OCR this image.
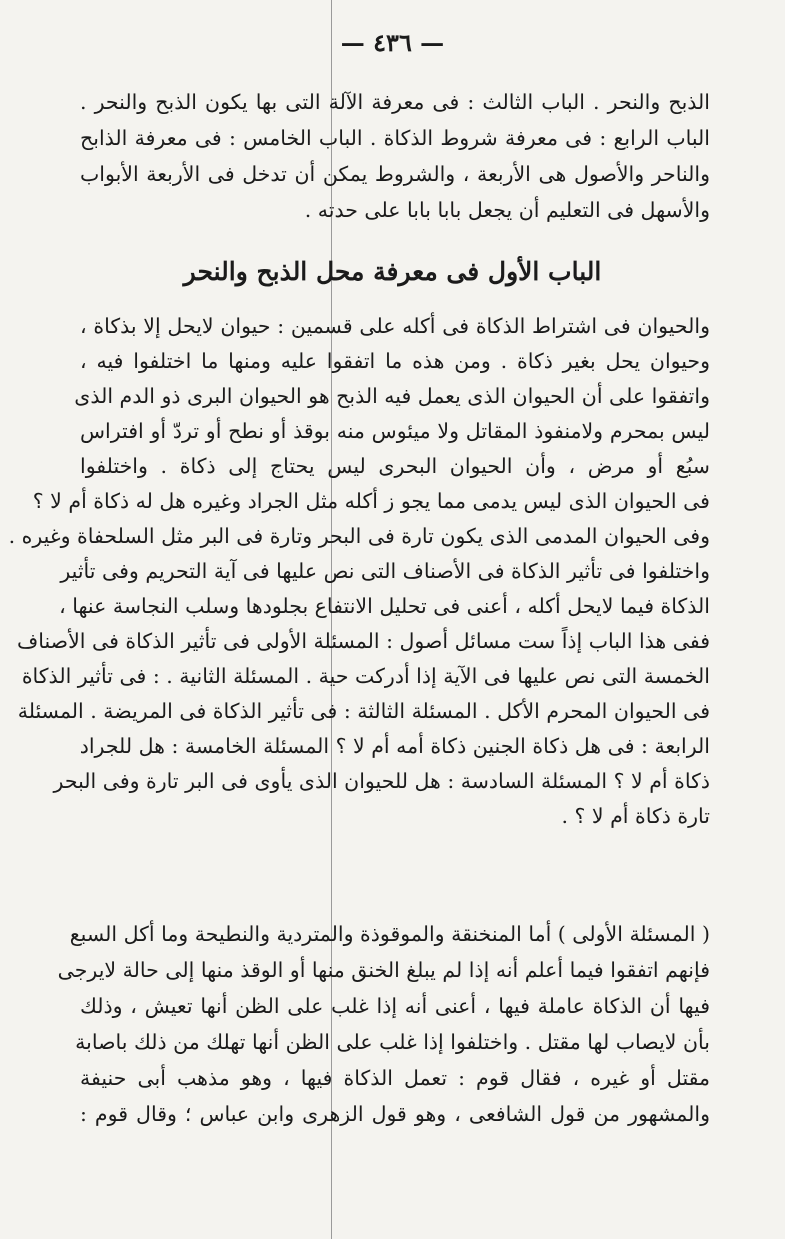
— ٤٣٦ —
الذبح والنحر . الباب الثالث : فى معرفة الآلة التى بها يكون الذبح والنحر .
الباب الرابع : فى معرفة شروط الذكاة . الباب الخامس : فى معرفة الذابح
والناحر والأصول هى الأربعة ، والشروط يمكن أن تدخل فى الأربعة الأبواب
والأسهل فى التعليم أن يجعل بابا بابا على حدته .
الباب الأول فى معرفة محل الذبح والنحر
والحيوان فى اشتراط الذكاة فى أكله على قسمين : حيوان لايحل إلا بذكاة ،
وحيوان يحل بغير ذكاة . ومن هذه ما اتفقوا عليه ومنها ما اختلفوا فيه ،
واتفقوا على أن الحيوان الذى يعمل فيه الذبح هو الحيوان البرى ذو الدم الذى
ليس بمحرم ولامنفوذ المقاتل ولا ميئوس منه بوقذ أو نطح أو تردّ أو افتراس
سبُع أو مرض ، وأن الحيوان البحرى ليس يحتاج إلى ذكاة . واختلفوا
فى الحيوان الذى ليس يدمى مما يجو ز أكله مثل الجراد وغيره هل له ذكاة أم لا ؟
وفى الحيوان المدمى الذى يكون تارة فى البحر وتارة فى البر مثل السلحفاة وغيره .
واختلفوا فى تأثير الذكاة فى الأصناف التى نص عليها فى آية التحريم وفى تأثير
الذكاة فيما لايحل أكله ، أعنى فى تحليل الانتفاع بجلودها وسلب النجاسة عنها ،
ففى هذا الباب إذاً ست مسائل أصول : المسئلة الأولى فى تأثير الذكاة فى الأصناف
الخمسة التى نص عليها فى الآية إذا أدركت حية . المسئلة الثانية . : فى تأثير الذكاة
فى الحيوان المحرم الأكل . المسئلة الثالثة : فى تأثير الذكاة فى المريضة . المسئلة
الرابعة : فى هل ذكاة الجنين ذكاة أمه أم لا ؟ المسئلة الخامسة : هل للجراد
ذكاة أم لا ؟ المسئلة السادسة : هل للحيوان الذى يأوى فى البر تارة وفى البحر
تارة ذكاة أم لا ؟ .
( المسئلة الأولى ) أما المنخنقة والموقوذة والمتردية والنطيحة وما أكل السبع
فإنهم اتفقوا فيما أعلم أنه إذا لم يبلغ الخنق منها أو الوقذ منها إلى حالة لايرجى
فيها أن الذكاة عاملة فيها ، أعنى أنه إذا غلب على الظن أنها تعيش ، وذلك
بأن لايصاب لها مقتل . واختلفوا إذا غلب على الظن أنها تهلك من ذلك باصابة
مقتل أو غيره ، فقال قوم : تعمل الذكاة فيها ، وهو مذهب أبى حنيفة
والمشهور من قول الشافعى ، وهو قول الزهرى وابن عباس ؛ وقال قوم :
